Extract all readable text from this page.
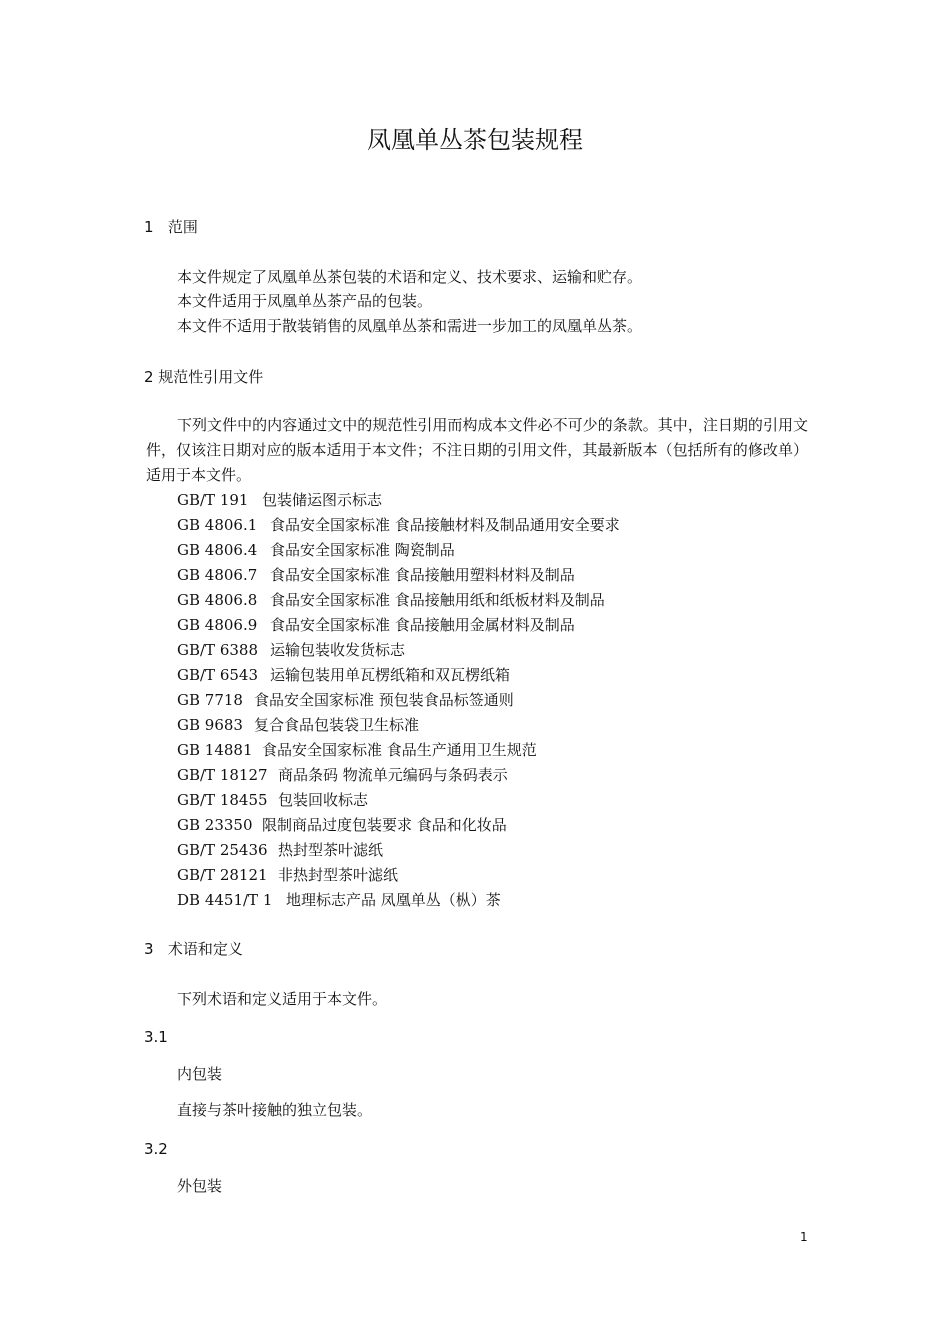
凤凰单丛茶包装规程
1   范围
本文件规定了凤凰单丛茶包装的术语和定义、技术要求、运输和贮存。
本文件适用于凤凰单丛茶产品的包装。
本文件不适用于散装销售的凤凰单丛茶和需进一步加工的凤凰单丛茶。
2 规范性引用文件
下列文件中的内容通过文中的规范性引用而构成本文件必不可少的条款。其中，注日期的引用文件，仅该注日期对应的版本适用于本文件；不注日期的引用文件，其最新版本（包括所有的修改单）适用于本文件。
GB/T 191 包装储运图示标志
GB 4806.1 食品安全国家标准 食品接触材料及制品通用安全要求
GB 4806.4 食品安全国家标准 陶瓷制品
GB 4806.7 食品安全国家标准 食品接触用塑料材料及制品
GB 4806.8 食品安全国家标准 食品接触用纸和纸板材料及制品
GB 4806.9 食品安全国家标准 食品接触用金属材料及制品
GB/T 6388 运输包装收发货标志
GB/T 6543 运输包装用单瓦楞纸箱和双瓦楞纸箱
GB 7718 食品安全国家标准 预包装食品标签通则
GB 9683 复合食品包装袋卫生标准
GB 14881 食品安全国家标准 食品生产通用卫生规范
GB/T 18127 商品条码 物流单元编码与条码表示
GB/T 18455 包装回收标志
GB 23350 限制商品过度包装要求 食品和化妆品
GB/T 25436 热封型茶叶滤纸
GB/T 28121 非热封型茶叶滤纸
DB 4451/T 1 地理标志产品 凤凰单丛（枞）茶
3   术语和定义
下列术语和定义适用于本文件。
3.1
内包装
直接与茶叶接触的独立包装。
3.2
外包装
1
